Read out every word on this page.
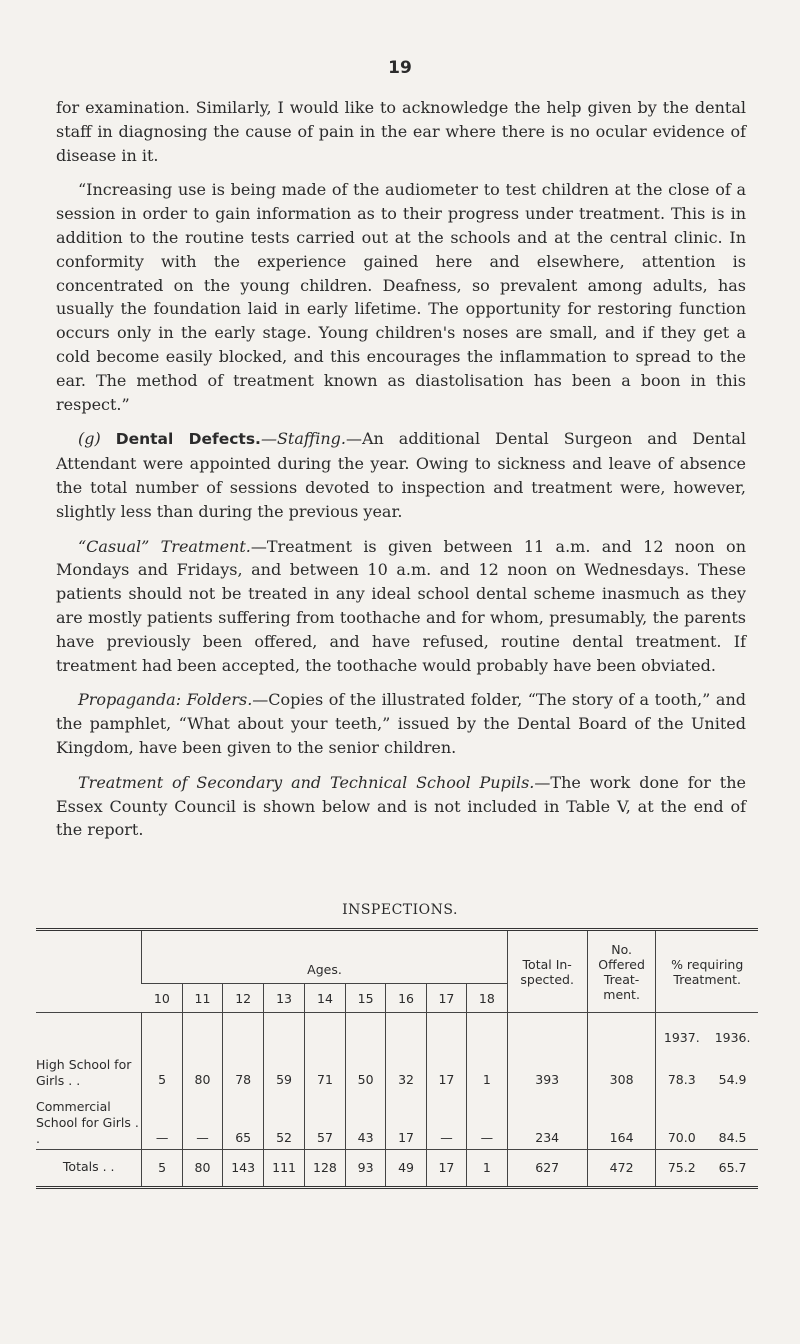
19

for examination. Similarly, I would like to acknowledge the help given by the dental staff in diagnosing the cause of pain in the ear where there is no ocular evidence of disease in it.

“Increasing use is being made of the audiometer to test children at the close of a session in order to gain information as to their progress under treatment. This is in addition to the routine tests carried out at the schools and at the central clinic. In conformity with the experience gained here and elsewhere, attention is concentrated on the young children. Deafness, so prevalent among adults, has usually the foundation laid in early lifetime. The opportunity for restoring function occurs only in the early stage. Young children's noses are small, and if they get a cold become easily blocked, and this encourages the inflammation to spread to the ear. The method of treatment known as diastolisation has been a boon in this respect.”

(g) Dental Defects.—Staffing.—An additional Dental Surgeon and Dental Attendant were appointed during the year. Owing to sickness and leave of absence the total number of sessions devoted to inspection and treatment were, however, slightly less than during the previous year.

“Casual” Treatment.—Treatment is given between 11 a.m. and 12 noon on Mondays and Fridays, and between 10 a.m. and 12 noon on Wednesdays. These patients should not be treated in any ideal school dental scheme inasmuch as they are mostly patients suffering from toothache and for whom, presumably, the parents have previously been offered, and have refused, routine dental treatment. If treatment had been accepted, the toothache would probably have been obviated.

Propaganda: Folders.—Copies of the illustrated folder, “The story of a tooth,” and the pamphlet, “What about your teeth,” issued by the Dental Board of the United Kingdom, have been given to the senior children.

Treatment of Secondary and Technical School Pupils.—The work done for the Essex County Council is shown below and is not included in Table V, at the end of the report.

INSPECTIONS.
	Ages.									Total In- spected.	No. Offered Treat- ment.	% requiring Treatment.
	10	11	12	13	14	15	16	17	18			

												1937. 1936.

High School for Girls . .	5	80	78	59	71	50	32	17	1	393	308	78.3 54.9

Commercial School for Girls . .	—	—	65	52	57	43	17	—	—	234	164	70.0 84.5

Totals . .	5	80	143	111	128	93	49	17	1	627	472	75.2 65.7
